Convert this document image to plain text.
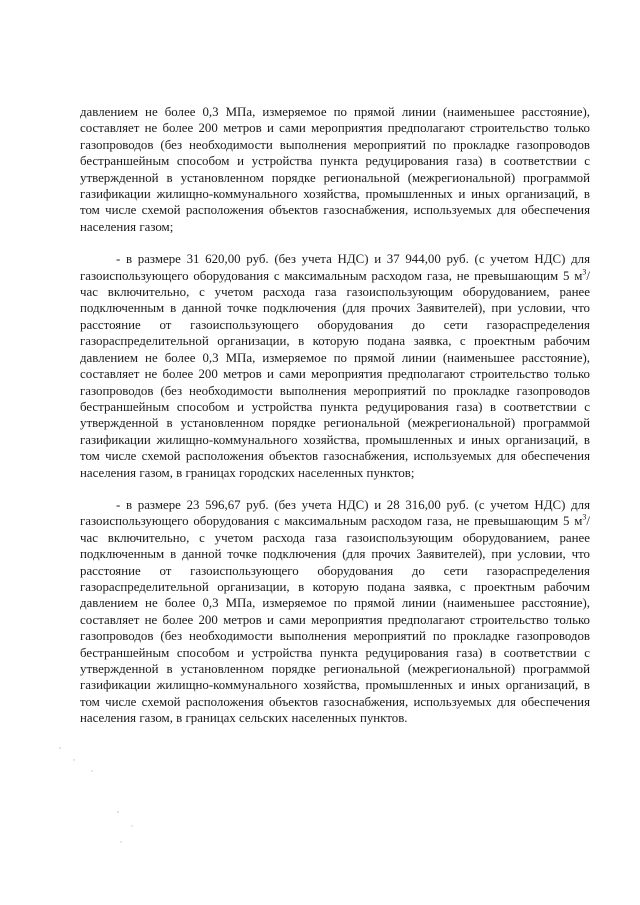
давлением не более 0,3 МПа, измеряемое по прямой линии (наименьшее расстояние), составляет не более 200 метров и сами мероприятия предполагают строительство только газопроводов (без необходимости выполнения мероприятий по прокладке газопроводов бестраншейным способом и устройства пункта редуцирования газа) в соответствии с утвержденной в установленном порядке региональной (межрегиональной) программой газификации жилищно-коммунального хозяйства, промышленных и иных организаций, в том числе схемой расположения объектов газоснабжения, используемых для обеспечения населения газом;

- в размере 31 620,00 руб. (без учета НДС) и 37 944,00 руб. (с учетом НДС) для газоиспользующего оборудования с максимальным расходом газа, не превышающим 5 $м^3$/час включительно, с учетом расхода газа газоиспользующим оборудованием, ранее подключенным в данной точке подключения (для прочих Заявителей), при условии, что расстояние от газоиспользующего оборудования до сети газораспределения газораспределительной организации, в которую подана заявка, с проектным рабочим давлением не более 0,3 МПа, измеряемое по прямой линии (наименьшее расстояние), составляет не более 200 метров и сами мероприятия предполагают строительство только газопроводов (без необходимости выполнения мероприятий по прокладке газопроводов бестраншейным способом и устройства пункта редуцирования газа) в соответствии с утвержденной в установленном порядке региональной (межрегиональной) программой газификации жилищно-коммунального хозяйства, промышленных и иных организаций, в том числе схемой расположения объектов газоснабжения, используемых для обеспечения населения газом, в границах городских населенных пунктов;

- в размере 23 596,67 руб. (без учета НДС) и 28 316,00 руб. (с учетом НДС) для газоиспользующего оборудования с максимальным расходом газа, не превышающим 5 $м^3$/час включительно, с учетом расхода газа газоиспользующим оборудованием, ранее подключенным в данной точке подключения (для прочих Заявителей), при условии, что расстояние от газоиспользующего оборудования до сети газораспределения газораспределительной организации, в которую подана заявка, с проектным рабочим давлением не более 0,3 МПа, измеряемое по прямой линии (наименьшее расстояние), составляет не более 200 метров и сами мероприятия предполагают строительство только газопроводов (без необходимости выполнения мероприятий по прокладке газопроводов бестраншейным способом и устройства пункта редуцирования газа) в соответствии с утвержденной в установленном порядке региональной (межрегиональной) программой газификации жилищно-коммунального хозяйства, промышленных и иных организаций, в том числе схемой расположения объектов газоснабжения, используемых для обеспечения населения газом, в границах сельских населенных пунктов.
